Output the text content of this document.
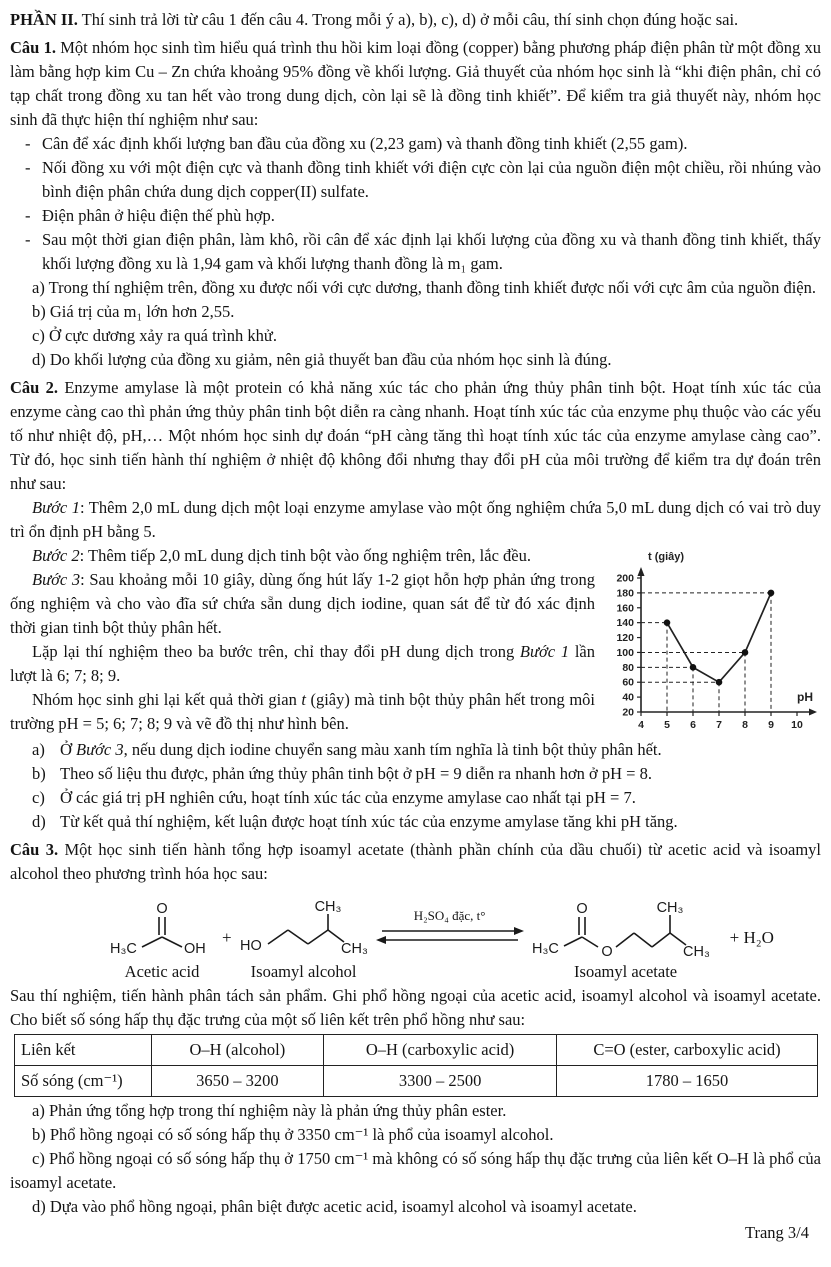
PHẦN II. Thí sinh trả lời từ câu 1 đến câu 4. Trong mỗi ý a), b), c), d) ở mỗi câu, thí sinh chọn đúng hoặc sai.

Câu 1. Một nhóm học sinh tìm hiểu quá trình thu hồi kim loại đồng (copper) bằng phương pháp điện phân từ một đồng xu làm bằng hợp kim Cu – Zn chứa khoảng 95% đồng về khối lượng. Giả thuyết của nhóm học sinh là “khi điện phân, chỉ có tạp chất trong đồng xu tan hết vào trong dung dịch, còn lại sẽ là đồng tinh khiết”. Để kiểm tra giả thuyết này, nhóm học sinh đã thực hiện thí nghiệm như sau:

- Cân để xác định khối lượng ban đầu của đồng xu (2,23 gam) và thanh đồng tinh khiết (2,55 gam).
- Nối đồng xu với một điện cực và thanh đồng tinh khiết với điện cực còn lại của nguồn điện một chiều, rồi nhúng vào bình điện phân chứa dung dịch copper(II) sulfate.
- Điện phân ở hiệu điện thế phù hợp.
- Sau một thời gian điện phân, làm khô, rồi cân để xác định lại khối lượng của đồng xu và thanh đồng tinh khiết, thấy khối lượng đồng xu là 1,94 gam và khối lượng thanh đồng là m₁ gam.

a) Trong thí nghiệm trên, đồng xu được nối với cực dương, thanh đồng tinh khiết được nối với cực âm của nguồn điện.

b) Giá trị của m₁ lớn hơn 2,55.

c) Ở cực dương xảy ra quá trình khử.

d) Do khối lượng của đồng xu giảm, nên giả thuyết ban đầu của nhóm học sinh là đúng.

Câu 2. Enzyme amylase là một protein có khả năng xúc tác cho phản ứng thủy phân tinh bột. Hoạt tính xúc tác của enzyme càng cao thì phản ứng thủy phân tinh bột diễn ra càng nhanh. Hoạt tính xúc tác của enzyme phụ thuộc vào các yếu tố như nhiệt độ, pH,… Một nhóm học sinh dự đoán “pH càng tăng thì hoạt tính xúc tác của enzyme amylase càng cao”. Từ đó, học sinh tiến hành thí nghiệm ở nhiệt độ không đổi nhưng thay đổi pH của môi trường để kiểm tra dự đoán trên như sau:

Bước 1: Thêm 2,0 mL dung dịch một loại enzyme amylase vào một ống nghiệm chứa 5,0 mL dung dịch có vai trò duy trì ổn định pH bằng 5.

20
40
60
80
100
120
140
160
180
200
4 5 6 7 8 9 10
t (giây)
pH

Bước 2: Thêm tiếp 2,0 mL dung dịch tinh bột vào ống nghiệm trên, lắc đều.

Bước 3: Sau khoảng mỗi 10 giây, dùng ống hút lấy 1-2 giọt hỗn hợp phản ứng trong ống nghiệm và cho vào đĩa sứ chứa sẵn dung dịch iodine, quan sát để từ đó xác định thời gian tinh bột thủy phân hết.

Lặp lại thí nghiệm theo ba bước trên, chỉ thay đổi pH dung dịch trong Bước 1 lần lượt là 6; 7; 8; 9.

Nhóm học sinh ghi lại kết quả thời gian t (giây) mà tinh bột thủy phân hết trong môi trường pH = 5; 6; 7; 8; 9 và vẽ đồ thị như hình bên.

a) Ở Bước 3, nếu dung dịch iodine chuyển sang màu xanh tím nghĩa là tinh bột thủy phân hết.

b) Theo số liệu thu được, phản ứng thủy phân tinh bột ở pH = 9 diễn ra nhanh hơn ở pH = 8.

c) Ở các giá trị pH nghiên cứu, hoạt tính xúc tác của enzyme amylase cao nhất tại pH = 7.

d) Từ kết quả thí nghiệm, kết luận được hoạt tính xúc tác của enzyme amylase tăng khi pH tăng.

Câu 3. Một học sinh tiến hành tổng hợp isoamyl acetate (thành phần chính của dầu chuối) từ acetic acid và isoamyl alcohol theo phương trình hóa học sau:

H₃C
O
OH
Acetic acid
+ HO
CH₃
CH₃
Isoamyl alcohol
H₂SO₄ đặc, t°
H₃C
O
O
CH₃
CH₃
Isoamyl acetate
+ H₂O

Sau thí nghiệm, tiến hành phân tách sản phẩm. Ghi phổ hồng ngoại của acetic acid, isoamyl alcohol và isoamyl acetate. Cho biết số sóng hấp thụ đặc trưng của một số liên kết trên phổ hồng như sau:

Liên kết	O–H (alcohol)	O–H (carboxylic acid)	C=O (ester, carboxylic acid)
Số sóng (cm⁻¹)	3650 – 3200	3300 – 2500	1780 – 1650

a) Phản ứng tổng hợp trong thí nghiệm này là phản ứng thủy phân ester.

b) Phổ hồng ngoại có số sóng hấp thụ ở 3350 cm⁻¹ là phổ của isoamyl alcohol.

c) Phổ hồng ngoại có số sóng hấp thụ ở 1750 cm⁻¹ mà không có số sóng hấp thụ đặc trưng của liên kết O–H là phổ của isoamyl acetate.

d) Dựa vào phổ hồng ngoại, phân biệt được acetic acid, isoamyl alcohol và isoamyl acetate.

Trang 3/4
